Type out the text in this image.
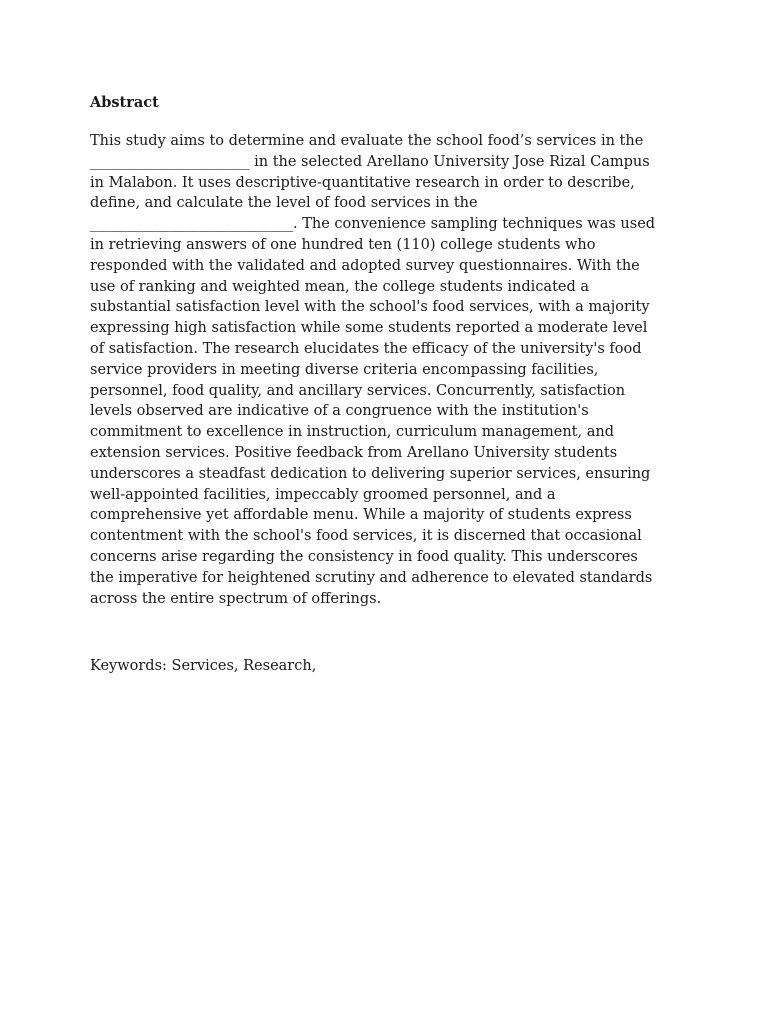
Abstract

This study aims to determine and evaluate the school food’s services in the
______________________ in the selected Arellano University Jose Rizal Campus
in Malabon. It uses descriptive-quantitative research in order to describe,
define, and calculate the level of food services in the
____________________________. The convenience sampling techniques was used
in retrieving answers of one hundred ten (110) college students who
responded with the validated and adopted survey questionnaires. With the
use of ranking and weighted mean, the college students indicated a
substantial satisfaction level with the school's food services, with a majority
expressing high satisfaction while some students reported a moderate level
of satisfaction. The research elucidates the efficacy of the university's food
service providers in meeting diverse criteria encompassing facilities,
personnel, food quality, and ancillary services. Concurrently, satisfaction
levels observed are indicative of a congruence with the institution's
commitment to excellence in instruction, curriculum management, and
extension services. Positive feedback from Arellano University students
underscores a steadfast dedication to delivering superior services, ensuring
well-appointed facilities, impeccably groomed personnel, and a
comprehensive yet affordable menu. While a majority of students express
contentment with the school's food services, it is discerned that occasional
concerns arise regarding the consistency in food quality. This underscores
the imperative for heightened scrutiny and adherence to elevated standards
across the entire spectrum of offerings.

Keywords: Services, Research,
